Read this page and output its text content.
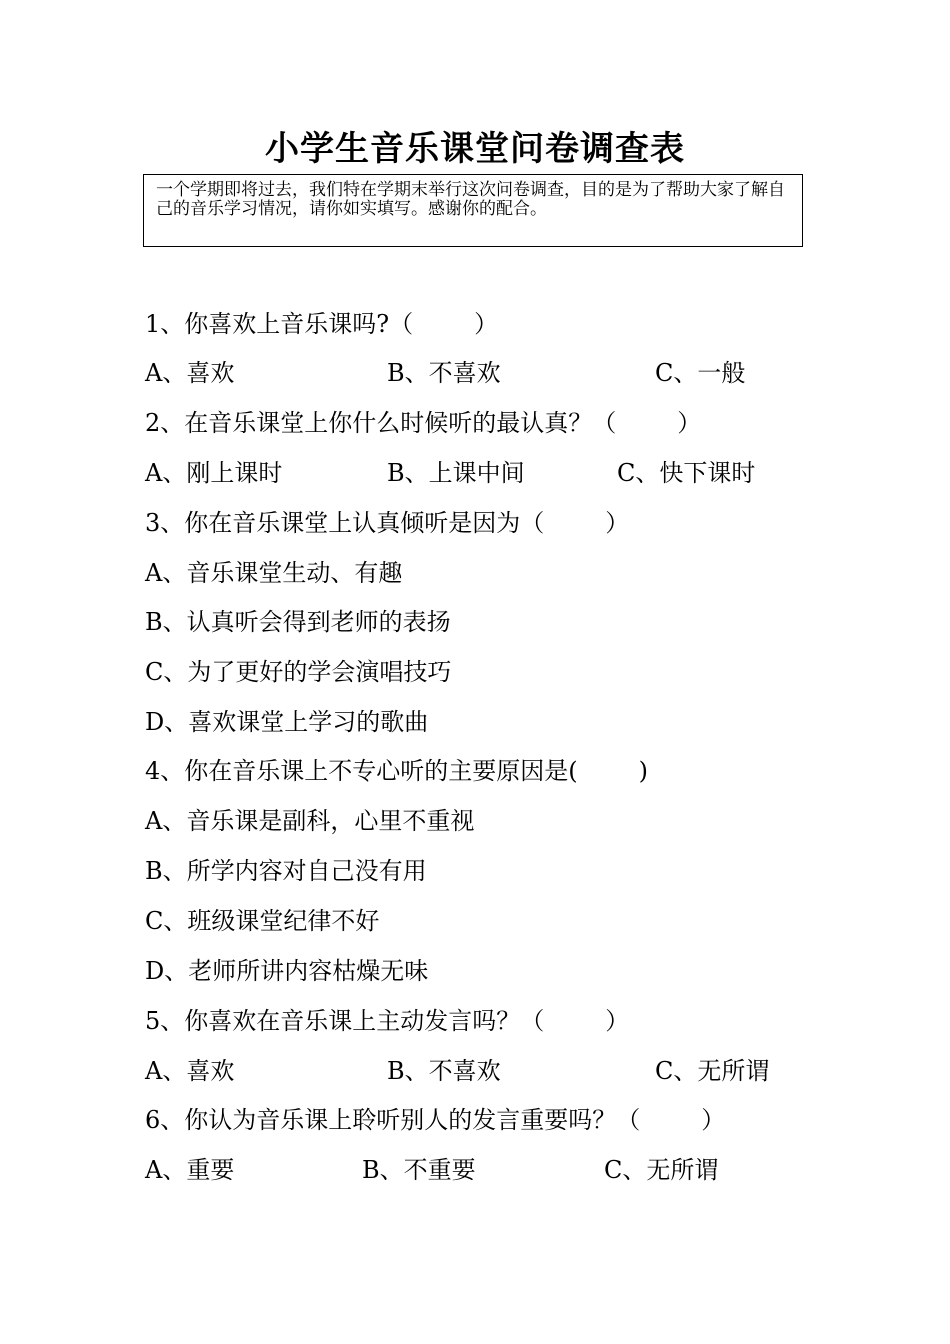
小学生音乐课堂问卷调查表
一个学期即将过去，我们特在学期末举行这次问卷调查，目的是为了帮助大家了解自己的音乐学习情况，请你如实填写。感谢你的配合。
1、你喜欢上音乐课吗?（        ）
A、喜欢	B、不喜欢	C、一般
2、在音乐课堂上你什么时候听的最认真？（        ）
A、刚上课时	B、上课中间	C、快下课时
3、你在音乐课堂上认真倾听是因为（        ）
A、音乐课堂生动、有趣
B、认真听会得到老师的表扬
C、为了更好的学会演唱技巧
D、喜欢课堂上学习的歌曲
4、你在音乐课上不专心听的主要原因是(        )
A、音乐课是副科，心里不重视
B、所学内容对自己没有用
C、班级课堂纪律不好
D、老师所讲内容枯燥无味
5、你喜欢在音乐课上主动发言吗？（        ）
A、喜欢	B、不喜欢	C、无所谓
6、你认为音乐课上聆听别人的发言重要吗？（        ）
A、重要	B、不重要	C、无所谓
